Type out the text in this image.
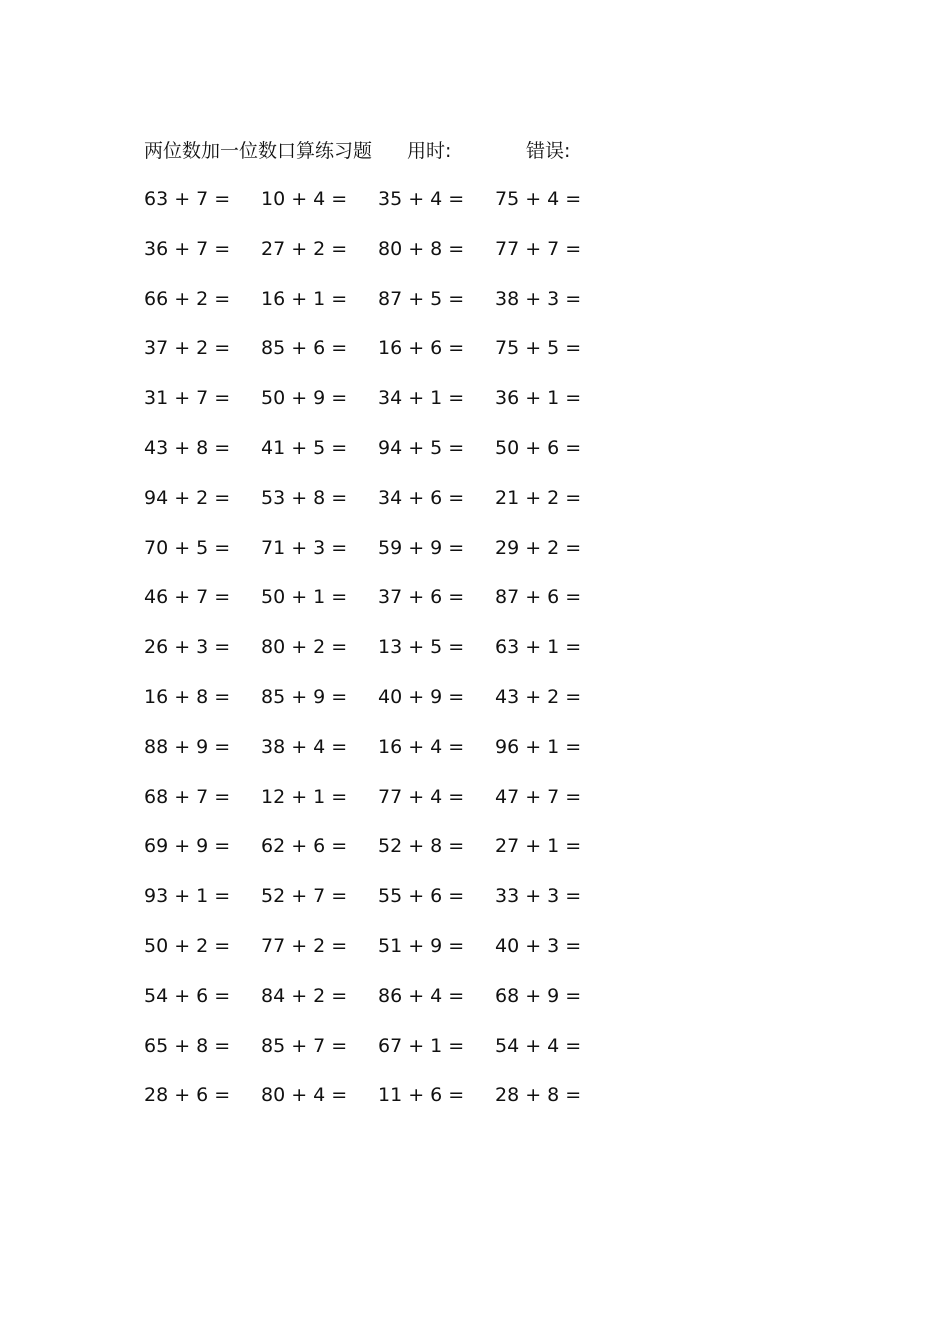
两位数加一位数口算练习题 用时:	错误:
63 + 7 =	10 + 4 =	35 + 4 =	75 + 4 =
36 + 7 =	27 + 2 =	80 + 8 =	77 + 7 =
66 + 2 =	16 + 1 =	87 + 5 =	38 + 3 =
37 + 2 =	85 + 6 =	16 + 6 =	75 + 5 =
31 + 7 =	50 + 9 =	34 + 1 =	36 + 1 =
43 + 8 =	41 + 5 =	94 + 5 =	50 + 6 =
94 + 2 =	53 + 8 =	34 + 6 =	21 + 2 =
70 + 5 =	71 + 3 =	59 + 9 =	29 + 2 =
46 + 7 =	50 + 1 =	37 + 6 =	87 + 6 =
26 + 3 =	80 + 2 =	13 + 5 =	63 + 1 =
16 + 8 =	85 + 9 =	40 + 9 =	43 + 2 =
88 + 9 =	38 + 4 =	16 + 4 =	96 + 1 =
68 + 7 =	12 + 1 =	77 + 4 =	47 + 7 =
69 + 9 =	62 + 6 =	52 + 8 =	27 + 1 =
93 + 1 =	52 + 7 =	55 + 6 =	33 + 3 =
50 + 2 =	77 + 2 =	51 + 9 =	40 + 3 =
54 + 6 =	84 + 2 =	86 + 4 =	68 + 9 =
65 + 8 =	85 + 7 =	67 + 1 =	54 + 4 =
28 + 6 =	80 + 4 =	11 + 6 =	28 + 8 =
